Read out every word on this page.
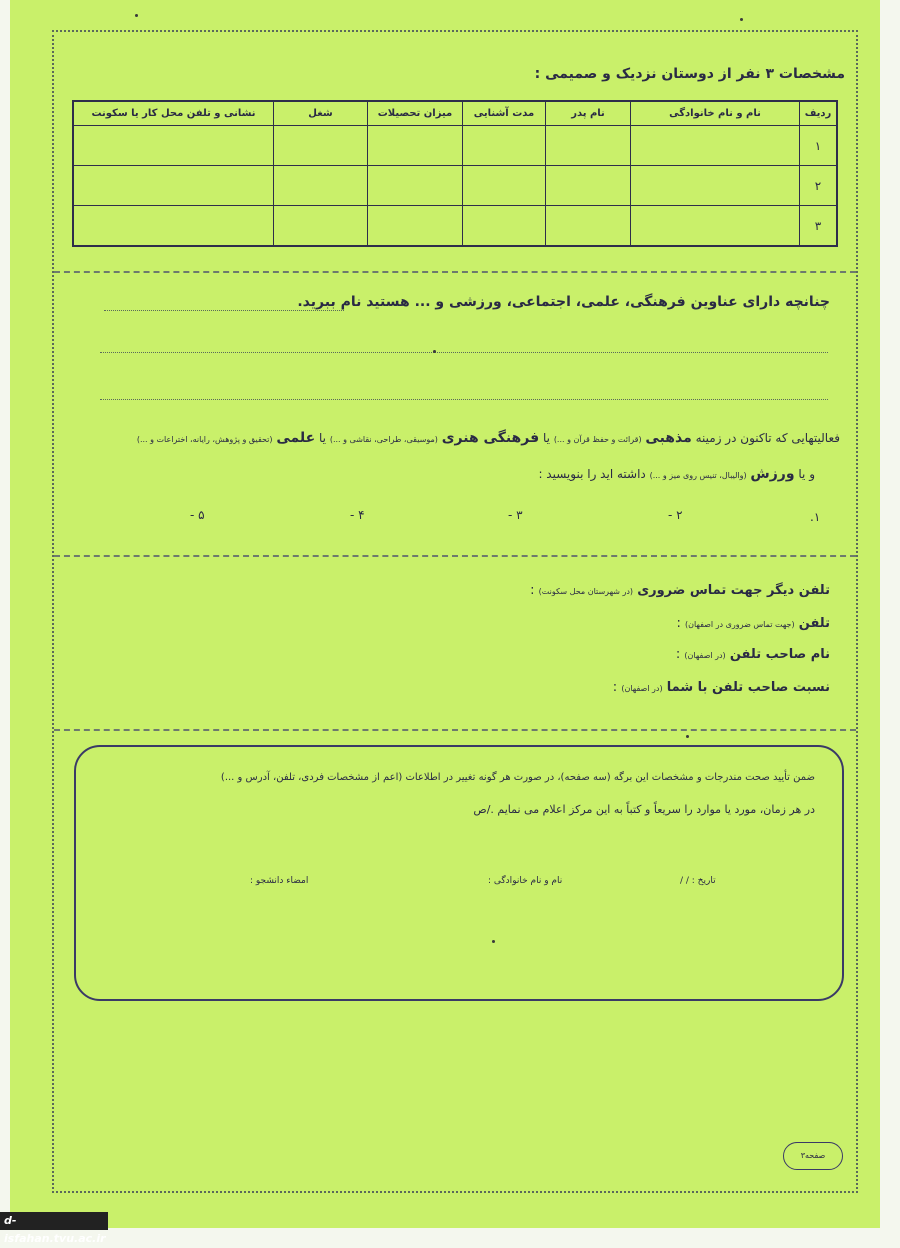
مشخصات ۳ نفر از دوستان نزدیک و صمیمی :
ردیف	نام و نام خانوادگی	نام پدر	مدت آشنایی	میزان تحصیلات	شغل	نشانی و تلفن محل کار یا سکونت
۱						
۲						
۳						
چنانچه دارای عناوین فرهنگی، علمی، اجتماعی، ورزشی و ... هستید نام ببرید.
فعالیتهایی که تاکنون در زمینه مذهبی (قرائت و حفظ قرآن و ...) یا فرهنگی هنری (موسیقی، طراحی، نقاشی و ...) یا علمی (تحقیق و پژوهش، رایانه، اختراعات و ...)
و یا ورزش (والیبال، تنیس روی میز و ...) داشته اید را بنویسید :
۱.
۲ -
۳ -
۴ -
۵ -
تلفن دیگر جهت تماس ضروری (در شهرستان محل سکونت) :
تلفن (جهت تماس ضروری در اصفهان) :
نام صاحب تلفن (در اصفهان) :
نسبت صاحب تلفن با شما (در اصفهان) :
ضمن تأیید صحت مندرجات و مشخصات این برگه (سه صفحه)، در صورت هر گونه تغییر در اطلاعات (اعم از مشخصات فردی، تلفن، آدرس و ...)
در هر زمان، مورد یا موارد را سریعاً و کتباً به این مرکز اعلام می نمایم ./ص
تاریخ : / /
نام و نام خانوادگی :
امضاء دانشجو :
صفحه۳
d-isfahan.tvu.ac.ir
